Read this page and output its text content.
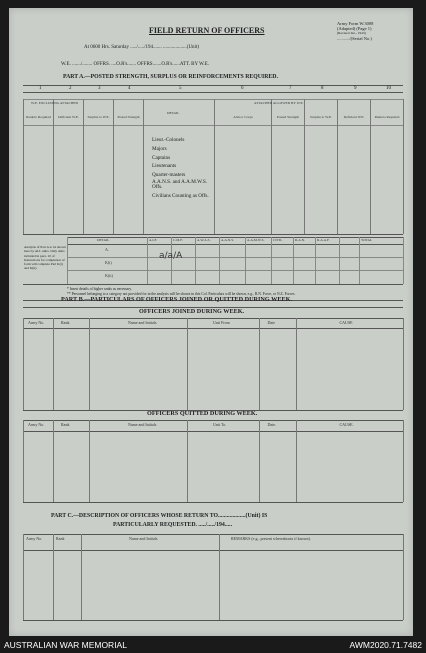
FIELD RETURN OF OFFICERS
Army Form W.3008
(Adapted) (Page 1)
(Revised Jan., 1943)
.........../(Serial No.)
At 0600 Hrs. Saturday ...../...../194....... ...................(Unit)
W.E. ......./........ OFFRS. ....O.R's....... OFFRS.......O.R's......ATT. BY W.E.
PART A.—POSTED STRENGTH, SURPLUS OR REINFORCEMENTS REQUIRED.
1	2	3	4	5	6	7	8	9	10
W.E. EXCLUDING ATTACHED	ATTACHED ALLOWED BY W.E.
DETAIL
Rank/to Required	Deficient W.E.	Surplus to W.E.	Posted Strength	Arm or Corps	Posted Strength	Surplus to W.E.	Deficient W.E.	Rank/to Required
Lieut.-Colonels
Majors
Captains
Lieutenants
Quarter-masters
A.A.N.S. and A.A.M.W.S. Offs.
Civilians Counting as Offs.
Analysis of Part A to be shown here by ALL units. Only units included in para. 10 of Instructions for completion of form will complete Part K(i) and K(ii).
DETAIL	A.I.F.	C.M.F.	A.W.A.S.	A.A.N.S.	A.A.M.W.S. CIVIL	R.A.N.	R.A.A.F.	TOTAL
A.
K(i)
K(ii)
a/a/A
* Insert details of higher ranks as necessary.
** Personnel belonging to a category not provided for in the analysis will be shown in this Col. Particulars will be shown, e.g., R.N. Force, or N.Z. Forces.
PART B.—PARTICULARS OF OFFICERS JOINED OR QUITTED DURING WEEK.
OFFICERS JOINED DURING WEEK.
Army No.	Rank	Name and Initials	Unit From	Date	CAUSE
OFFICERS QUITTED DURING WEEK.
Army No.	Rank	Name and Initials	Unit To.	Date.	CAUSE.
PART C.—DESCRIPTION OF OFFICERS WHOSE RETURN TO...................(Unit) IS
PARTICULARLY REQUESTED. ...../...../194.....
Army No.	Rank	Name and Initials	REMARKS (e.g., present whereabouts if known).
AUSTRALIAN WAR MEMORIAL	AWM2020.71.7482
